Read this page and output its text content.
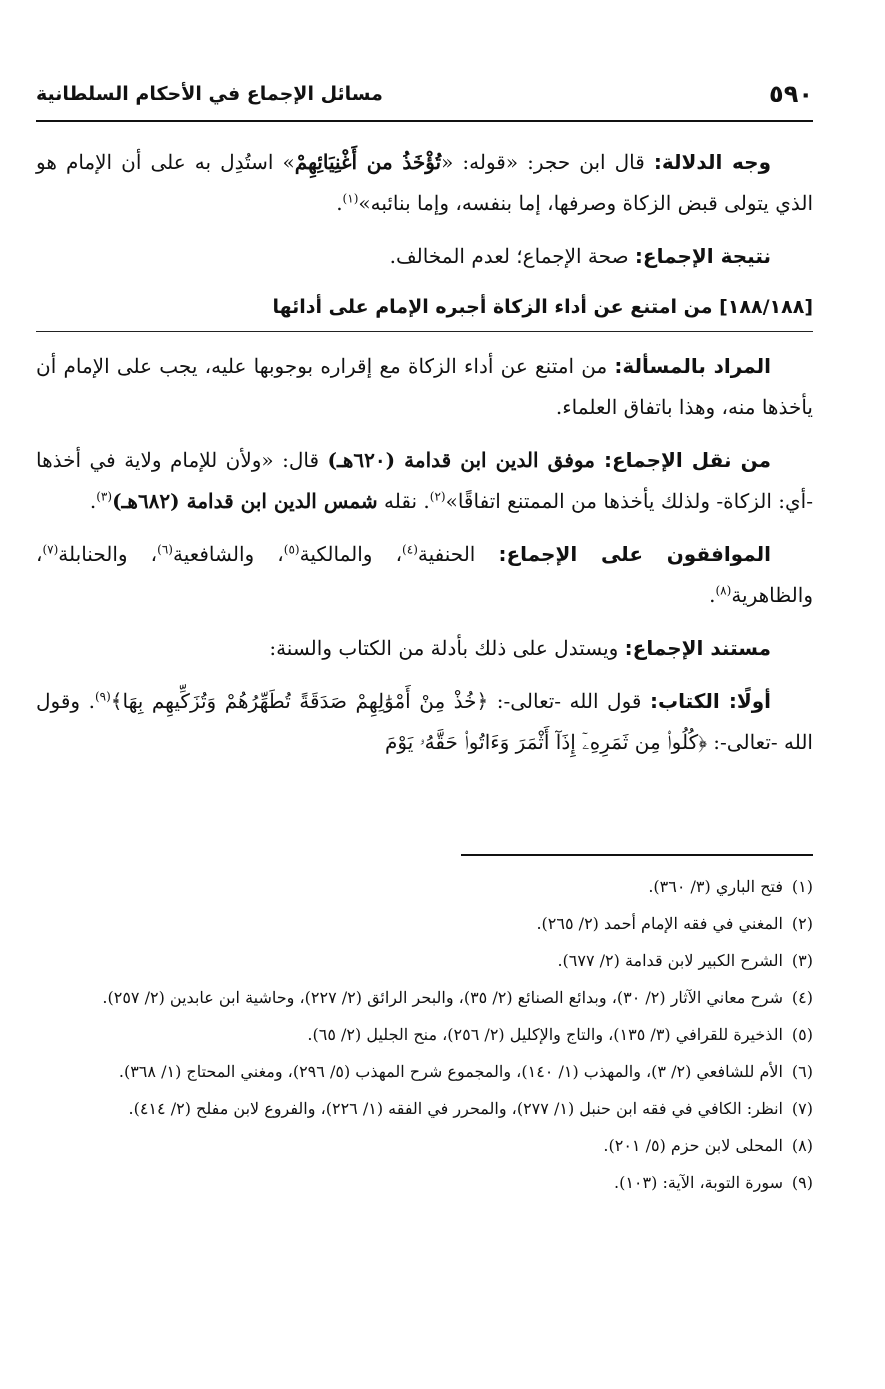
٥٩٠
مسائل الإجماع في الأحكام السلطانية

وجه الدلالة: قال ابن حجر: «قوله: «تُؤْخَذُ من أَغْنِيَائِهِمْ» استُدِل به على أن الإمام هو الذي يتولى قبض الزكاة وصرفها، إما بنفسه، وإما بنائبه»$^{(١)}$.

نتيجة الإجماع: صحة الإجماع؛ لعدم المخالف.

[١٨٨/١٨٨] من امتنع عن أداء الزكاة أجبره الإمام على أدائها

المراد بالمسألة: من امتنع عن أداء الزكاة مع إقراره بوجوبها عليه، يجب على الإمام أن يأخذها منه، وهذا باتفاق العلماء.

من نقل الإجماع: موفق الدين ابن قدامة (٦٢٠هـ) قال: «ولأن للإمام ولاية في أخذها -أي: الزكاة- ولذلك يأخذها من الممتنع اتفاقًا»$^{(٢)}$. نقله شمس الدين ابن قدامة (٦٨٢هـ)$^{(٣)}$.

الموافقون على الإجماع: الحنفية$^{(٤)}$، والمالكية$^{(٥)}$، والشافعية$^{(٦)}$، والحنابلة$^{(٧)}$، والظاهرية$^{(٨)}$.

مستند الإجماع: ويستدل على ذلك بأدلة من الكتاب والسنة:

أولًا: الكتاب: قول الله -تعالى-: ﴿خُذْ مِنْ أَمْوَٰلِهِمْ صَدَقَةً تُطَهِّرُهُمْ وَتُزَكِّيهِم بِهَا﴾$^{(٩)}$. وقول الله -تعالى-: ﴿كُلُوا۟ مِن ثَمَرِهِۦٓ إِذَآ أَثْمَرَ وَءَاتُوا۟ حَقَّهُۥ يَوْمَ

(١)
فتح الباري (٣/ ٣٦٠).
(٢)
المغني في فقه الإمام أحمد (٢/ ٢٦٥).
(٣)
الشرح الكبير لابن قدامة (٢/ ٦٧٧).
(٤)
شرح معاني الآثار (٢/ ٣٠)، وبدائع الصنائع (٢/ ٣٥)، والبحر الرائق (٢/ ٢٢٧)، وحاشية ابن عابدين (٢/ ٢٥٧).
(٥)
الذخيرة للقرافي (٣/ ١٣٥)، والتاج والإكليل (٢/ ٢٥٦)، منح الجليل (٢/ ٦٥).
(٦)
الأم للشافعي (٢/ ٣)، والمهذب (١/ ١٤٠)، والمجموع شرح المهذب (٥/ ٢٩٦)، ومغني المحتاج (١/ ٣٦٨).
(٧)
انظر: الكافي في فقه ابن حنبل (١/ ٢٧٧)، والمحرر في الفقه (١/ ٢٢٦)، والفروع لابن مفلح (٢/ ٤١٤).
(٨)
المحلى لابن حزم (٥/ ٢٠١).
(٩)
سورة التوبة، الآية: (١٠٣).
